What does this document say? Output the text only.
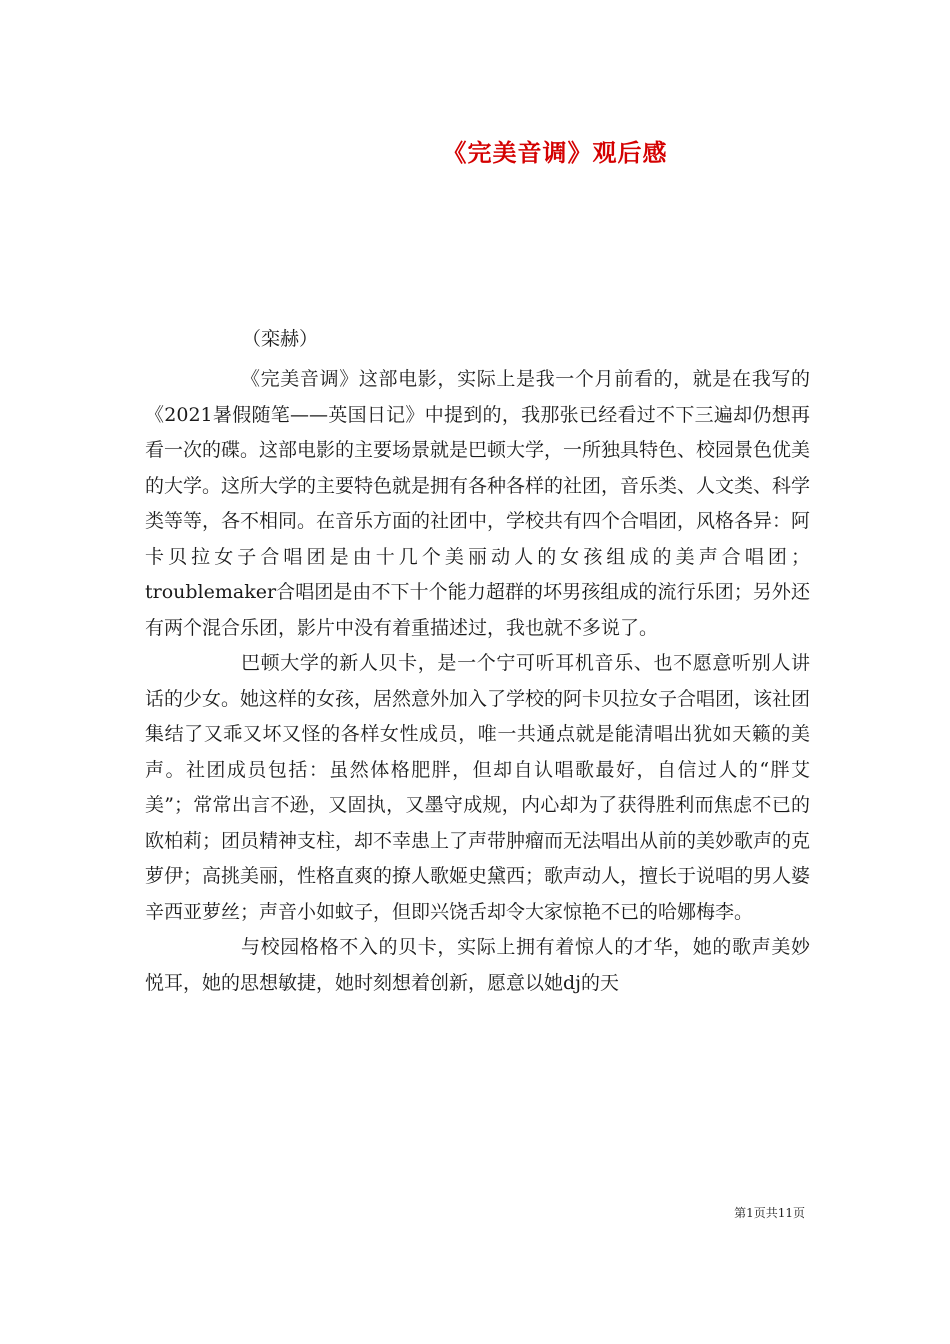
《完美音调》观后感
（栾赫）

《完美音调》这部电影，实际上是我一个月前看的，就是在我写的《2021暑假随笔——英国日记》中提到的，我那张已经看过不下三遍却仍想再看一次的碟。这部电影的主要场景就是巴顿大学，一所独具特色、校园景色优美的大学。这所大学的主要特色就是拥有各种各样的社团，音乐类、人文类、科学类等等，各不相同。在音乐方面的社团中，学校共有四个合唱团，风格各异：阿卡贝拉女子合唱团是由十几个美丽动人的女孩组成的美声合唱团；troublemaker合唱团是由不下十个能力超群的坏男孩组成的流行乐团；另外还有两个混合乐团，影片中没有着重描述过，我也就不多说了。

巴顿大学的新人贝卡，是一个宁可听耳机音乐、也不愿意听别人讲话的少女。她这样的女孩，居然意外加入了学校的阿卡贝拉女子合唱团，该社团集结了又乖又坏又怪的各样女性成员，唯一共通点就是能清唱出犹如天籁的美声。社团成员包括：虽然体格肥胖，但却自认唱歌最好，自信过人的“胖艾美”；常常出言不逊，又固执，又墨守成规，内心却为了获得胜利而焦虑不已的欧柏莉；团员精神支柱，却不幸患上了声带肿瘤而无法唱出从前的美妙歌声的克萝伊；高挑美丽，性格直爽的撩人歌姬史黛西；歌声动人，擅长于说唱的男人婆辛西亚萝丝；声音小如蚊子，但即兴饶舌却令大家惊艳不已的哈娜梅李。

与校园格格不入的贝卡，实际上拥有着惊人的才华，她的歌声美妙悦耳，她的思想敏捷，她时刻想着创新，愿意以她dj的天

第1页共11页
